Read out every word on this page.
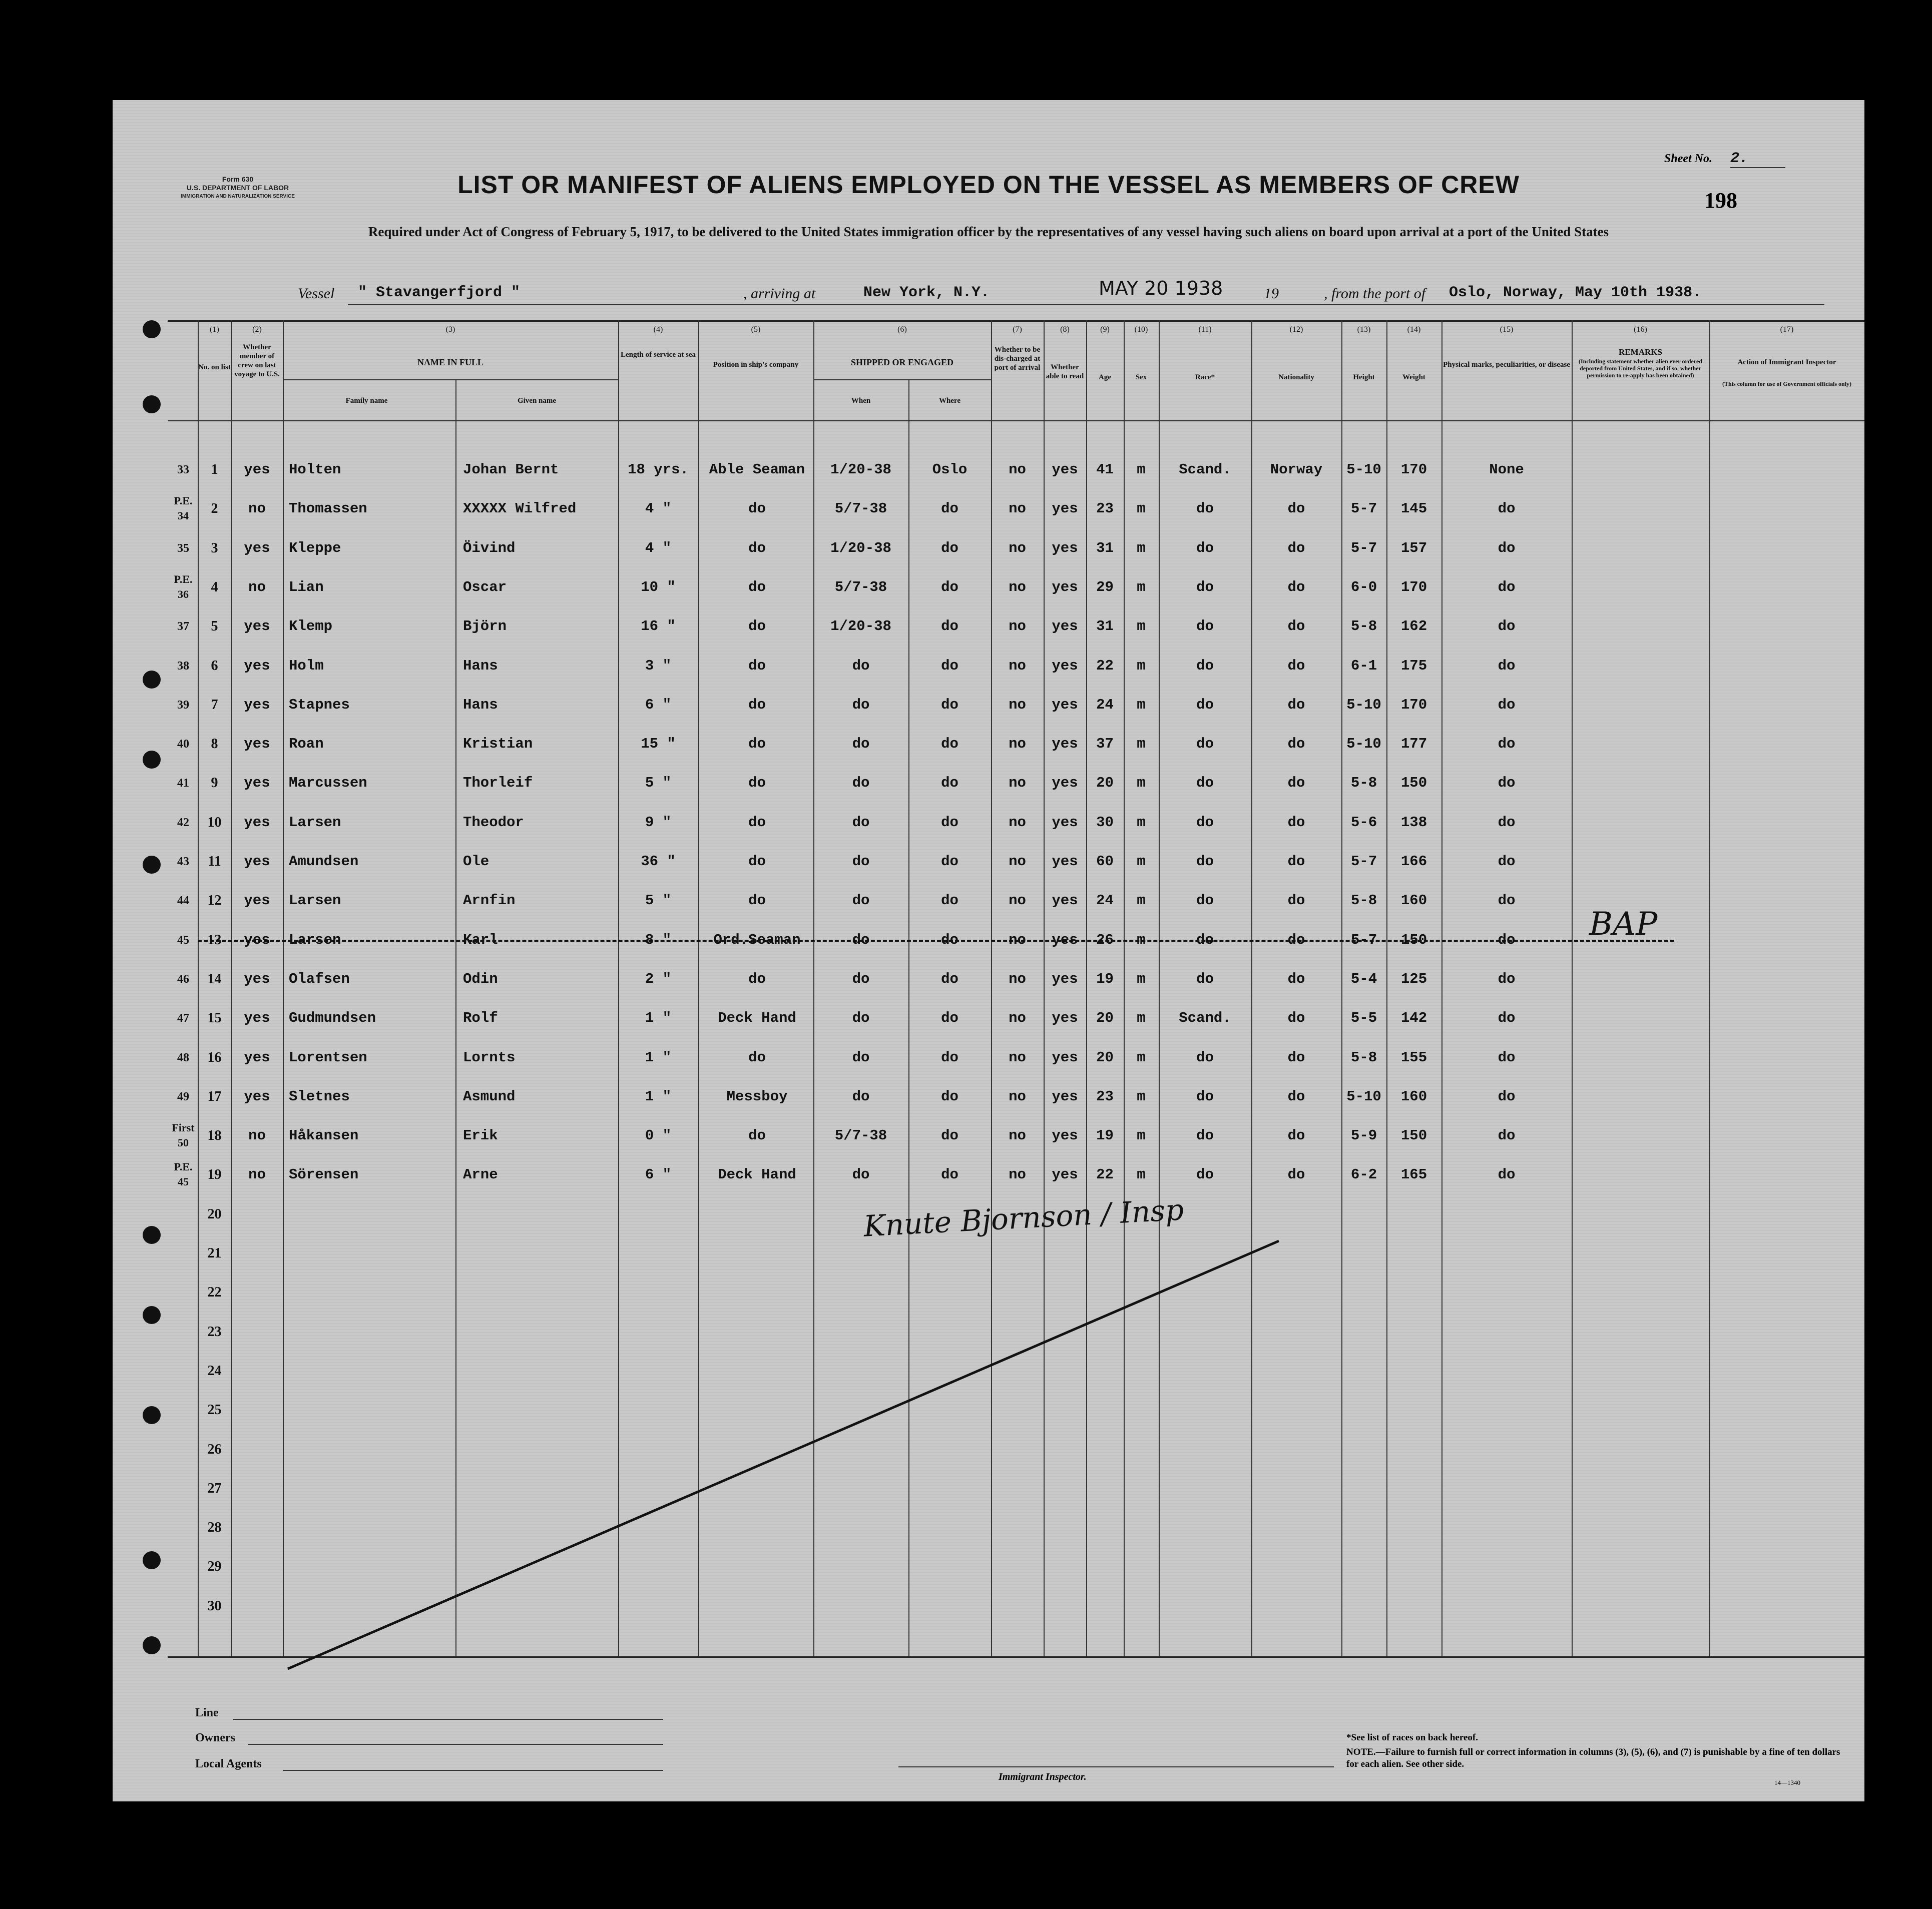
Form 630
U.S. DEPARTMENT OF LABOR
IMMIGRATION AND NATURALIZATION SERVICE
Sheet No. 2.
198
LIST OR MANIFEST OF ALIENS EMPLOYED ON THE VESSEL AS MEMBERS OF CREW
Required under Act of Congress of February 5, 1917, to be delivered to the United States immigration officer by the representatives of any vessel having such aliens on board upon arrival at a port of the United States
Vessel " Stavangerfjord "	, arriving at	New York, N.Y.	MAY 20 1938	19	, from the port of Oslo, Norway, May 10th 1938.
(1)	(2)	(3)	(4)	(5)	(6)	(7)	(8)	(9)	(10)	(11)	(12)	(13)	(14)	(15)	(16)	(17)
No. on list
Whether member of crew on last voyage to U.S.
NAME IN FULL
Family name	Given name
Length of service at sea
Position in ship's company	SHIPPED OR ENGAGED
When	Where
Whether to be dis-charged at port of arrival	Whether able to read	Age	Sex	Race*	Nationality	Height	Weight
Physical marks, peculiarities, or disease
REMARKS
(Including statement whether alien ever ordered deported from United States, and if so, whether permission to re-apply has been obtained)
Action of Immigrant Inspector
(This column for use of Government officials only)
33	1	yes	Holten	Johan Bernt	18 yrs.	Able Seaman	1/20-38	Oslo	no	yes	41	m	Scand.	Norway	5-10	170	None
P.E. 34	2	no	Thomassen	XXXXX Wilfred	4 "	do	5/7-38	do	no	yes	23	m	do	do	5-7	145	do
35	3	yes	Kleppe	Öivind	4 "	do	1/20-38	do	no	yes	31	m	do	do	5-7	157	do
P.E. 36	4	no	Lian	Oscar	10 "	do	5/7-38	do	no	yes	29	m	do	do	6-0	170	do
37	5	yes	Klemp	Björn	16 "	do	1/20-38	do	no	yes	31	m	do	do	5-8	162	do
38	6	yes	Holm	Hans	3 "	do	do	do	no	yes	22	m	do	do	6-1	175	do
39	7	yes	Stapnes	Hans	6 "	do	do	do	no	yes	24	m	do	do	5-10	170	do
40	8	yes	Roan	Kristian	15 "	do	do	do	no	yes	37	m	do	do	5-10	177	do
41	9	yes	Marcussen	Thorleif	5 "	do	do	do	no	yes	20	m	do	do	5-8	150	do
42	10	yes	Larsen	Theodor	9 "	do	do	do	no	yes	30	m	do	do	5-6	138	do
43	11	yes	Amundsen	Ole	36 "	do	do	do	no	yes	60	m	do	do	5-7	166	do
44	12	yes	Larsen	Arnfin	5 "	do	do	do	no	yes	24	m	do	do	5-8	160	do
45	13	yes	Larsen	Karl	8 "	Ord.Seaman	do	do	no	yes	26	m	do	do	5-7	150	do
46	14	yes	Olafsen	Odin	2 "	do	do	do	no	yes	19	m	do	do	5-4	125	do
47	15	yes	Gudmundsen	Rolf	1 "	Deck Hand	do	do	no	yes	20	m	Scand.	do	5-5	142	do
48	16	yes	Lorentsen	Lornts	1 "	do	do	do	no	yes	20	m	do	do	5-8	155	do
49	17	yes	Sletnes	Asmund	1 "	Messboy	do	do	no	yes	23	m	do	do	5-10	160	do
First 50	18	no	Håkansen	Erik	0 "	do	5/7-38	do	no	yes	19	m	do	do	5-9	150	do
P.E. 45	19	no	Sörensen	Arne	6 "	Deck Hand	do	do	no	yes	22	m	do	do	6-2	165	do
20
21
22
23
24
25
26
27
28
29
30
BAP
Knute Bjornson / Insp
Line
Owners
Local Agents
Immigrant Inspector.
*See list of races on back hereof.
NOTE.—Failure to furnish full or correct information in columns (3), (5), (6), and (7) is punishable by a fine of ten dollars for each alien. See other side.
14—1340
